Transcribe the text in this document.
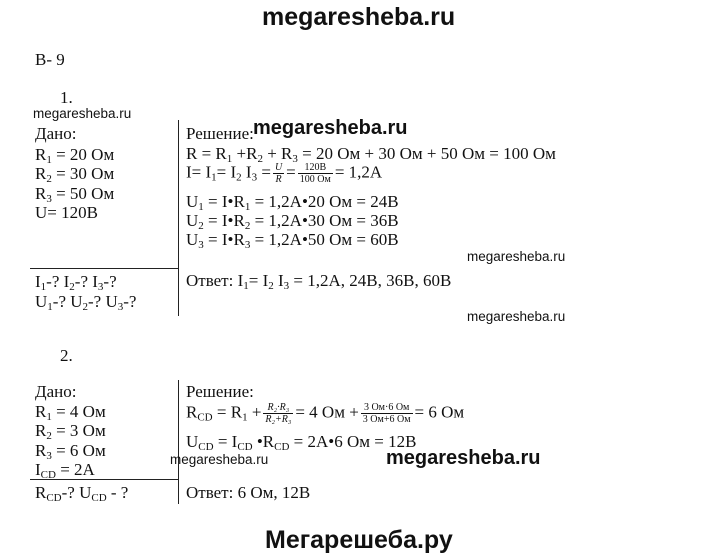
megaresheba.ru
В- 9
1.
megaresheba.ru
Дано:
$R_1 = 20$ Ом
$R_2 = 30$ Ом
$R_3 = 50$ Ом
U= 120В
$I_1-$? $I_2-$? $I_3-$?
$U_1-$? $U_2-$? $U_3-$?
Решение: megaresheba.ru
$R = R_1 +R_2 + R_3 = 20$ Ом + 30 Ом + 50 Ом = 100 Ом
$I= I_1= I_2$ $I_3 = \frac{U}{R} = \frac{120В}{100 Ом} = 1,2A$
$U_1$ = $I•R_1$ = 1,2A•20 Ом = 24В
$U_2$ = $I•R_2$ = 1,2A•30 Ом = 36В
$U_3$ = $I•R_3$ = 1,2A•50 Ом = 60В
megaresheba.ru
Ответ: $I_1= I_2$ $I_3 = 1,2A$, 24В, 36В, 60В
megaresheba.ru
2.
Дано:
$R_1 = 4$ Ом
$R_2 = 3$ Ом
$R_3 = 6$ Ом
$I_{CD} = 2A$
megaresheba.ru
$R_{CD}-$? $U_{CD}$ - ?
Решение:
$R_{CD} = R_1 + \frac{\text{R₂·R₃}}{\text{R₂+R₃}} = 4$ Ом + $\frac{3 Ом\cdot 6 Ом}{3 Ом+6 Ом} = 6$ Ом
$U_{CD} = I_{CD}$ $•R_{CD}$ = 2A•6 Ом = 12В
megaresheba.ru
Ответ: 6 Ом, 12В
Мегарешеба.ру
